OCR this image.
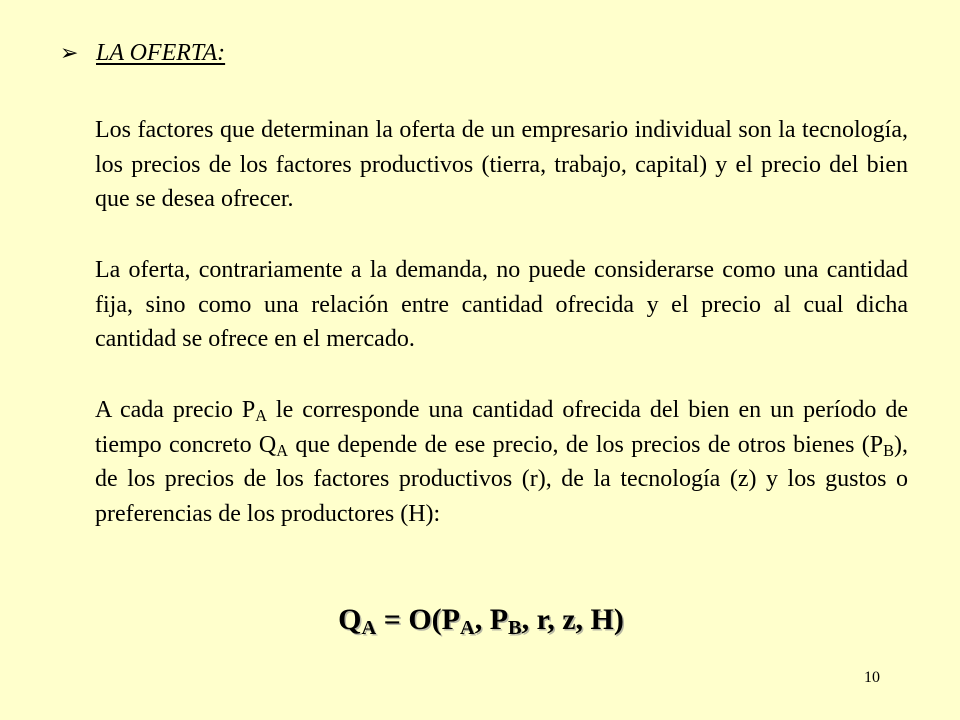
➢ LA OFERTA:
Los factores que determinan la oferta de un empresario individual son la tecnología, los precios de los factores productivos (tierra, trabajo, capital) y el precio del bien que se desea ofrecer.
La oferta, contrariamente a la demanda, no puede considerarse como una cantidad fija, sino como una relación entre cantidad ofrecida y el precio al cual dicha cantidad se ofrece en el mercado.
A cada precio $P_A$ le corresponde una cantidad ofrecida del bien en un período de tiempo concreto $Q_A$ que depende de ese precio, de los precios de otros bienes $(P_B)$, de los precios de los factores productivos (r), de la tecnología (z) y los gustos o preferencias de los productores (H):
$Q_A = O(P_A$, $P_B$, r, z, H)
10
